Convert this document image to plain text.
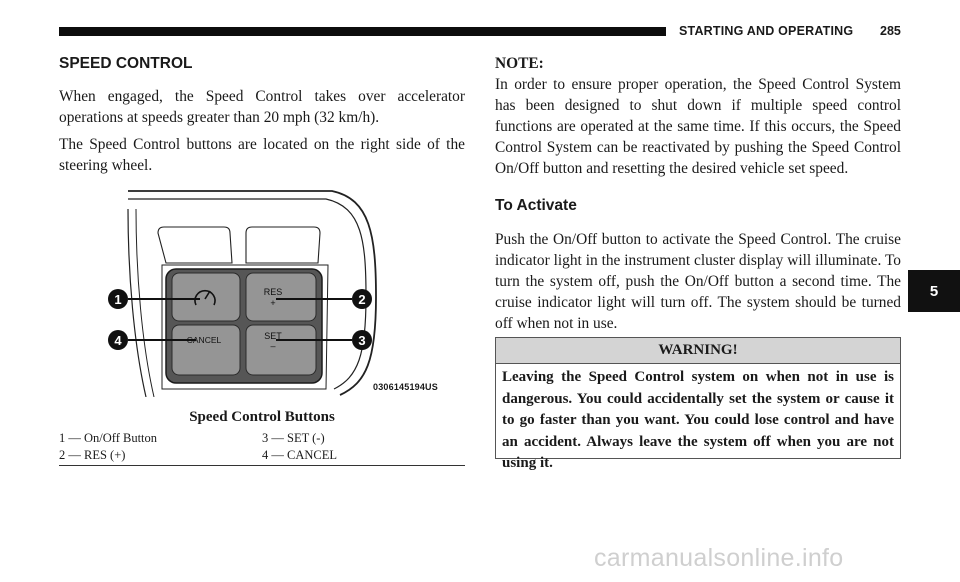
STARTING AND OPERATING 285
5
SPEED CONTROL

When engaged, the Speed Control takes over accelerator operations at speeds greater than 20 mph (32 km/h).

The Speed Control buttons are located on the right side of the steering wheel.

RES
+
CANCEL	SET
–
1	2
3
4
0306145194US
Speed Control Buttons
1 — On/Off Button	3 — SET (-)
2 — RES (+)	4 — CANCEL
NOTE:

In order to ensure proper operation, the Speed Control System has been designed to shut down if multiple speed control functions are operated at the same time. If this occurs, the Speed Control System can be reactivated by pushing the Speed Control On/Off button and resetting the desired vehicle set speed.

To Activate

Push the On/Off button to activate the Speed Control. The cruise indicator light in the instrument cluster display will illuminate. To turn the system off, push the On/Off button a second time. The cruise indicator light will turn off. The system should be turned off when not in use.

WARNING!

Leaving the Speed Control system on when not in use is dangerous. You could accidentally set the system or cause it to go faster than you want. You could lose control and have an accident. Always leave the system off when you are not using it.

carmanualsonline.info
